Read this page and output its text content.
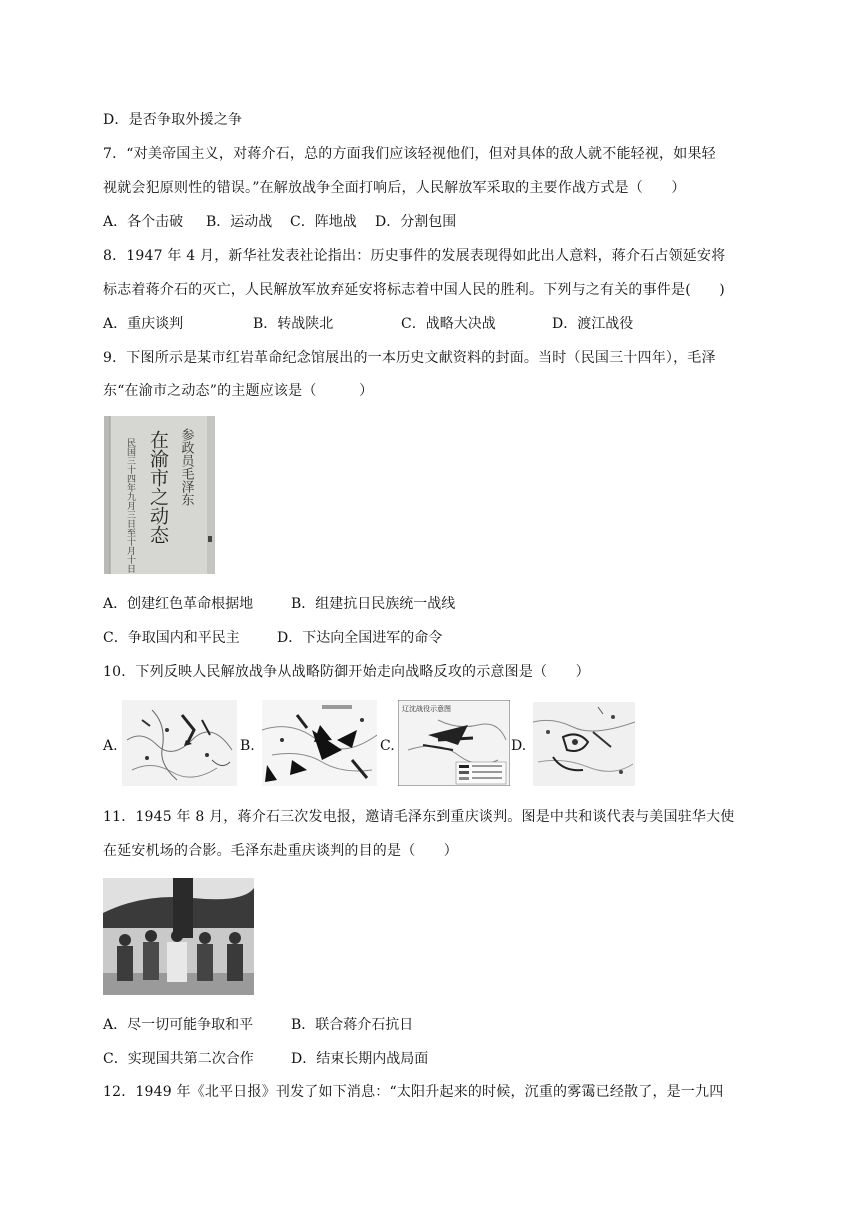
D．是否争取外援之争
7．“对美帝国主义，对蒋介石，总的方面我们应该轻视他们，但对具体的敌人就不能轻视，如果轻
视就会犯原则性的错误。”在解放战争全面打响后，人民解放军采取的主要作战方式是（　　）
A．各个击破 B．运动战 C．阵地战 D．分割包围
8．1947 年 4 月，新华社发表社论指出：历史事件的发展表现得如此出人意料，蒋介石占领延安将
标志着蒋介石的灭亡，人民解放军放弃延安将标志着中国人民的胜利。下列与之有关的事件是(　　)
A．重庆谈判	B．转战陕北	C．战略大决战	D．渡江战役
9．下图所示是某市红岩革命纪念馆展出的一本历史文献资料的封面。当时（民国三十四年），毛泽
东“在渝市之动态”的主题应该是（　　　）
参政员毛泽东
在渝市之动态
民国三十四年九月三日至十月十日
A．创建红色革命根据地	B．组建抗日民族统一战线
C．争取国内和平民主	D．下达向全国进军的命令
10．下列反映人民解放战争从战略防御开始走向战略反攻的示意图是（　　）
A.	B.	C.
辽沈战役示意图
D.
11．1945 年 8 月，蒋介石三次发电报，邀请毛泽东到重庆谈判。图是中共和谈代表与美国驻华大使
在延安机场的合影。毛泽东赴重庆谈判的目的是（　　）
A．尽一切可能争取和平	B．联合蒋介石抗日
C．实现国共第二次合作	D．结束长期内战局面
12．1949 年《北平日报》刊发了如下消息：“太阳升起来的时候，沉重的雾霭已经散了，是一九四
